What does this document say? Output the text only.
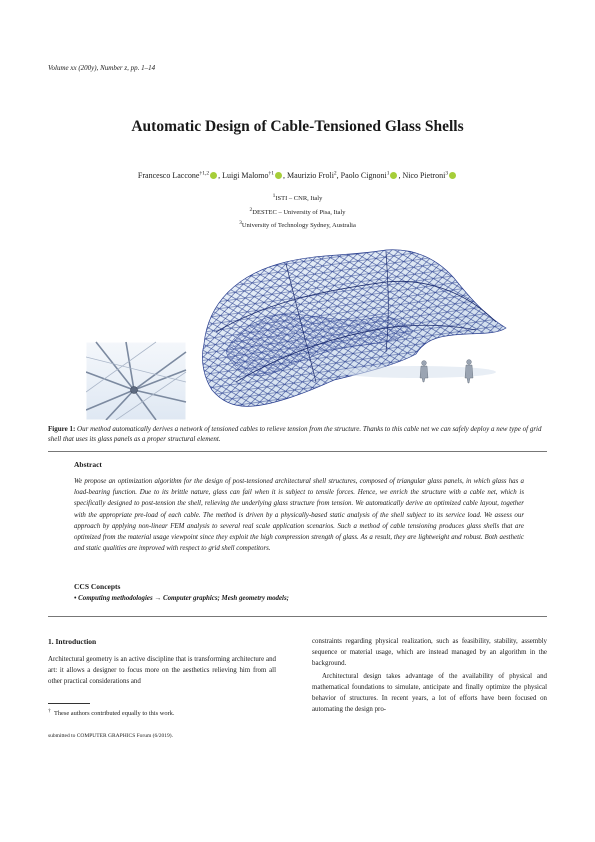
Volume xx (200y), Number z, pp. 1–14
Automatic Design of Cable-Tensioned Glass Shells
Francesco Laccone$^{\dagger 1,2}$ , Luigi Malomo$^{\dagger 1}$ , Maurizio Froli$^2$, Paolo Cignoni$^1$ , Nico Pietroni$^3$
$^1$ISTI – CNR, Italy
$^2$DESTEC – University of Pisa, Italy
$^3$University of Technology Sydney, Australia
Figure 1: Our method automatically derives a network of tensioned cables to relieve tension from the structure. Thanks to this cable net we can safely deploy a new type of grid shell that uses its glass panels as a proper structural element.
Abstract
We propose an optimization algorithm for the design of post-tensioned architectural shell structures, composed of triangular glass panels, in which glass has a load-bearing function. Due to its brittle nature, glass can fail when it is subject to tensile forces. Hence, we enrich the structure with a cable net, which is specifically designed to post-tension the shell, relieving the underlying glass structure from tension. We automatically derive an optimized cable layout, together with the appropriate pre-load of each cable. The method is driven by a physically-based static analysis of the shell subject to its service load. We assess our approach by applying non-linear FEM analysis to several real scale application scenarios. Such a method of cable tensioning produces glass shells that are optimized from the material usage viewpoint since they exploit the high compression strength of glass. As a result, they are lightweight and robust. Both aesthetic and static qualities are improved with respect to grid shell competitors.
CCS Concepts
• Computing methodologies → Computer graphics; Mesh geometry models;
1. Introduction
Architectural geometry is an active discipline that is transforming architecture and art: it allows a designer to focus more on the aesthetics relieving him from all other practical considerations and

constraints regarding physical realization, such as feasibility, stability, assembly sequence or material usage, which are instead managed by an algorithm in the background.

Architectural design takes advantage of the availability of physical and mathematical foundations to simulate, anticipate and finally optimize the physical behavior of structures. In recent years, a lot of efforts have been focused on automating the design pro-

† These authors contributed equally to this work.
submitted to COMPUTER GRAPHICS Forum (6/2019).
